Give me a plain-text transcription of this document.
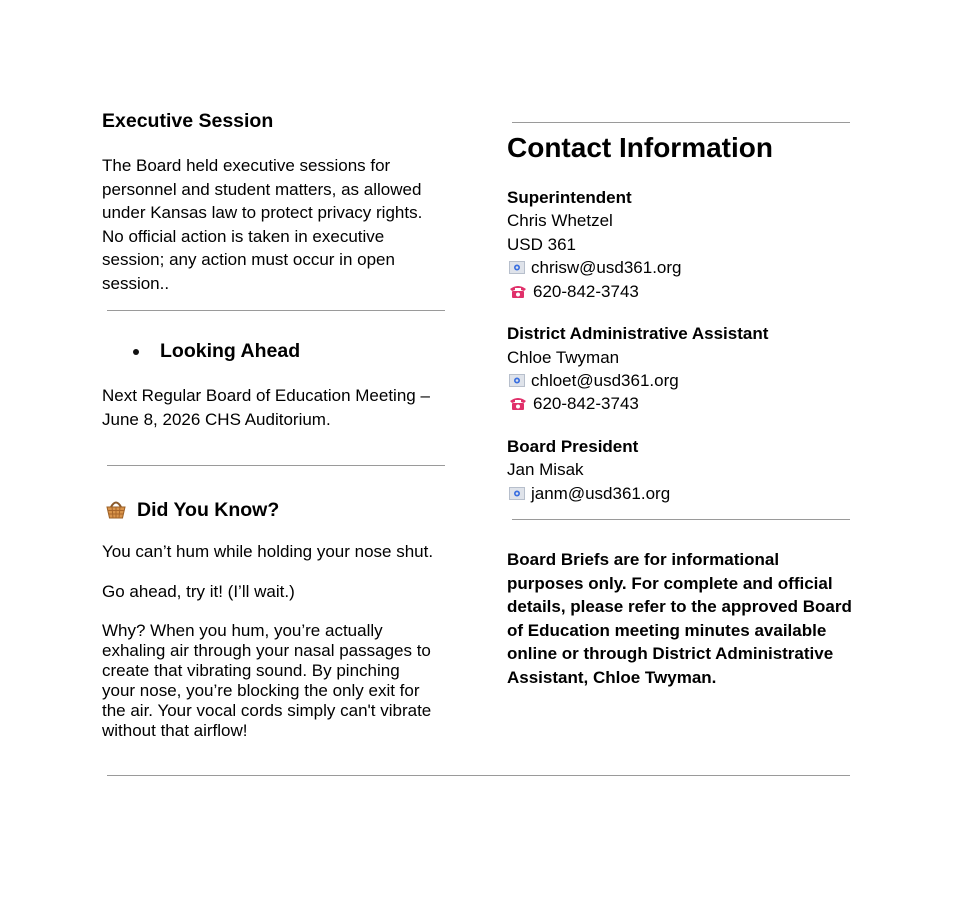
Executive Session
The Board held executive sessions for
personnel and student matters, as allowed
under Kansas law to protect privacy rights.
No official action is taken in executive
session; any action must occur in open
session..
Looking Ahead
Next Regular Board of Education Meeting –
June 8, 2026 CHS Auditorium.
Did You Know?
You can’t hum while holding your nose shut.
Go ahead, try it! (I’ll wait.)
Why? When you hum, you’re actually
exhaling air through your nasal passages to
create that vibrating sound. By pinching
your nose, you’re blocking the only exit for
the air. Your vocal cords simply can't vibrate
without that airflow!
Contact Information
Superintendent
Chris Whetzel
USD 361
chrisw@usd361.org
620-842-3743
District Administrative Assistant
Chloe Twyman
chloet@usd361.org
620-842-3743
Board President
Jan Misak
janm@usd361.org
Board Briefs are for informational purposes only. For complete and official details, please refer to the approved Board of Education meeting minutes available online or through District Administrative Assistant, Chloe Twyman.
